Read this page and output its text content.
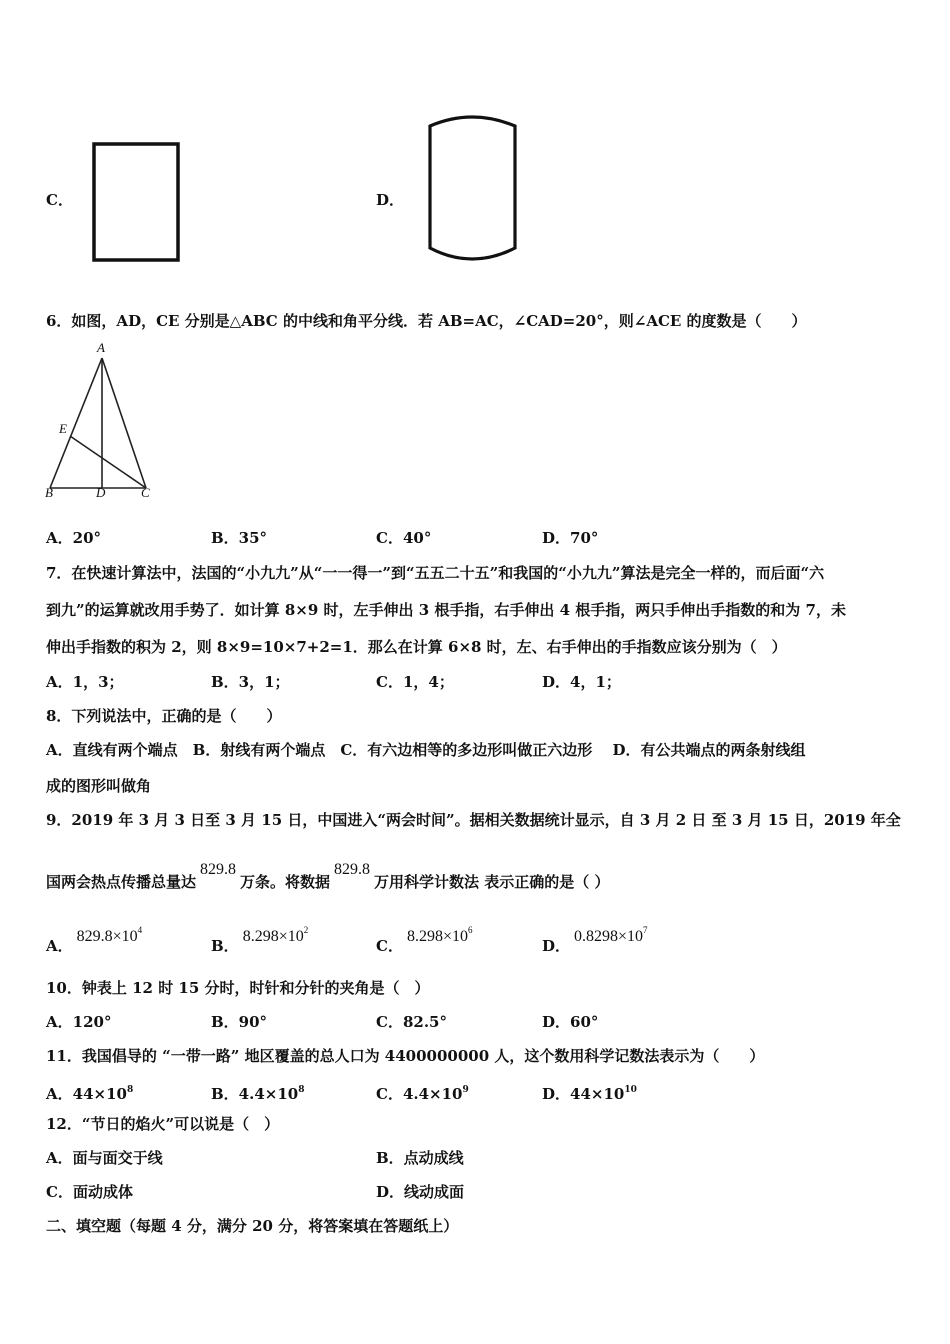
C．	D．
6．如图，AD，CE 分别是△ABC 的中线和角平分线．若 AB=AC，∠CAD=20°，则∠ACE 的度数是（　　）
A
E
B	D	C
A．20°	B．35°	C．40°	D．70°
7．在快速计算法中，法国的“小九九”从“一一得一”到“五五二十五”和我国的“小九九”算法是完全一样的，而后面“六
到九”的运算就改用手势了．如计算 8×9 时，左手伸出 3 根手指，右手伸出 4 根手指，两只手伸出手指数的和为 7，未
伸出手指数的积为 2，则 8×9=10×7+2=1．那么在计算 6×8 时，左、右手伸出的手指数应该分别为（　）
A．1，3；	B．3，1；	C．1，4；	D．4，1；
8．下列说法中，正确的是（　　）
A．直线有两个端点　B．射线有两个端点　C．有六边相等的多边形叫做正六边形　 D．有公共端点的两条射线组
成的图形叫做角
9．2019 年 3 月 3 日至 3 月 15 日，中国进入“两会时间”。据相关数据统计显示，自 3 月 2 日 至 3 月 15 日，2019 年全
国两会热点传播总量达829.8万条。将数据829.8万用科学计数法 表示正确的是（ ）
A．$829.8\times 10^4$
B．$8.298\times 10^2$
C．$8.298\times 10^6$
D．$0.8298\times 10^7$
10．钟表上 12 时 15 分时，时针和分针的夹角是（　）
A．120°	B．90°	C．82.5°	D．60°
11．我国倡导的 “一带一路” 地区覆盖的总人口为 4400000000 人，这个数用科学记数法表示为（　　）
A．$44\times 10^8$	B．$4.4\times 10^8$	C．$4.4\times 10^9$	D．$44\times 10^{10}$
12．“节日的焰火”可以说是（　）
A．面与面交于线	B．点动成线
C．面动成体	D．线动成面
二、填空题（每题 4 分，满分 20 分，将答案填在答题纸上）
